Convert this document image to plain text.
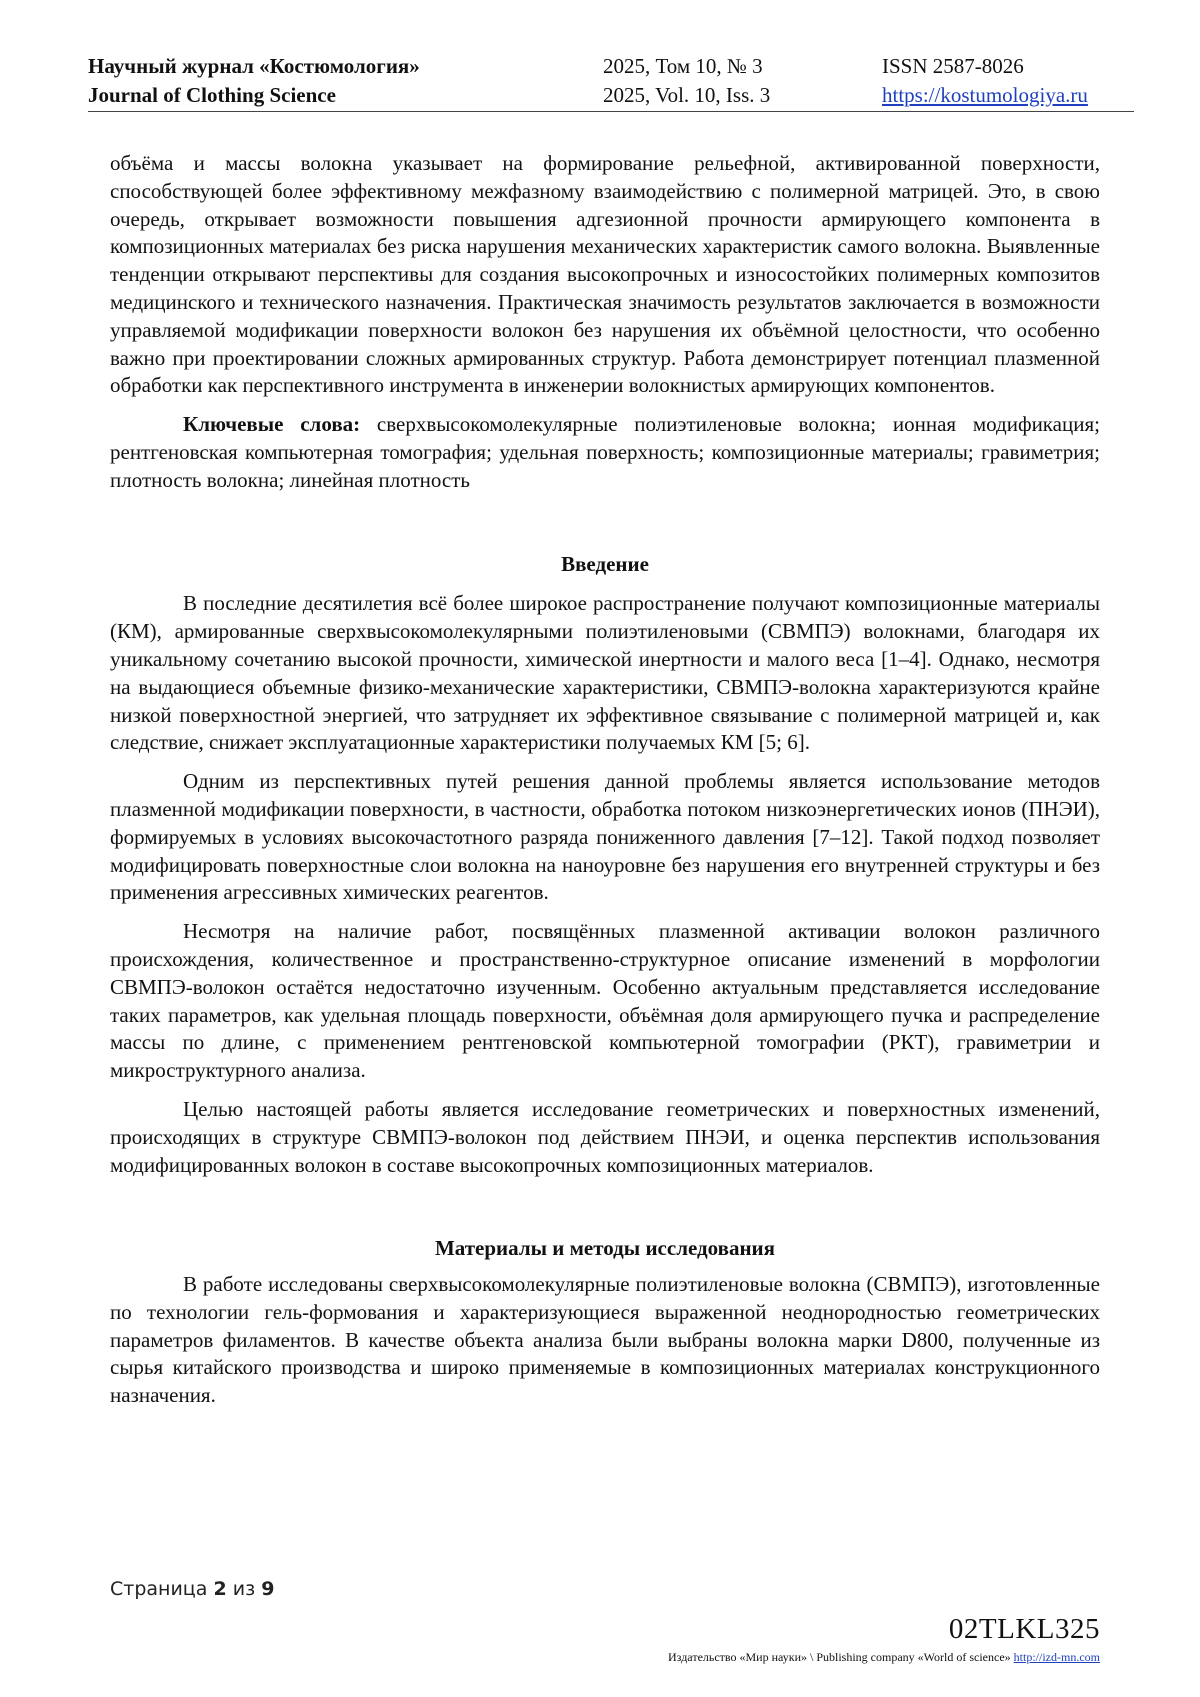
Научный журнал «Костюмология»
Journal of Clothing Science
2025, Том 10, № 3
2025, Vol. 10, Iss. 3
ISSN 2587-8026
https://kostumologiya.ru

объёма и массы волокна указывает на формирование рельефной, активированной поверхности, способствующей более эффективному межфазному взаимодействию с полимерной матрицей. Это, в свою очередь, открывает возможности повышения адгезионной прочности армирующего компонента в композиционных материалах без риска нарушения механических характеристик самого волокна. Выявленные тенденции открывают перспективы для создания высокопрочных и износостойких полимерных композитов медицинского и технического назначения. Практическая значимость результатов заключается в возможности управляемой модификации поверхности волокон без нарушения их объёмной целостности, что особенно важно при проектировании сложных армированных структур. Работа демонстрирует потенциал плазменной обработки как перспективного инструмента в инженерии волокнистых армирующих компонентов.

Ключевые слова: сверхвысокомолекулярные полиэтиленовые волокна; ионная модификация; рентгеновская компьютерная томография; удельная поверхность; композиционные материалы; гравиметрия; плотность волокна; линейная плотность

Введение

В последние десятилетия всё более широкое распространение получают композиционные материалы (КМ), армированные сверхвысокомолекулярными полиэтиленовыми (СВМПЭ) волокнами, благодаря их уникальному сочетанию высокой прочности, химической инертности и малого веса [1–4]. Однако, несмотря на выдающиеся объемные физико-механические характеристики, СВМПЭ-волокна характеризуются крайне низкой поверхностной энергией, что затрудняет их эффективное связывание с полимерной матрицей и, как следствие, снижает эксплуатационные характеристики получаемых КМ [5; 6].

Одним из перспективных путей решения данной проблемы является использование методов плазменной модификации поверхности, в частности, обработка потоком низкоэнергетических ионов (ПНЭИ), формируемых в условиях высокочастотного разряда пониженного давления [7–12]. Такой подход позволяет модифицировать поверхностные слои волокна на наноуровне без нарушения его внутренней структуры и без применения агрессивных химических реагентов.

Несмотря на наличие работ, посвящённых плазменной активации волокон различного происхождения, количественное и пространственно-структурное описание изменений в морфологии СВМПЭ-волокон остаётся недостаточно изученным. Особенно актуальным представляется исследование таких параметров, как удельная площадь поверхности, объёмная доля армирующего пучка и распределение массы по длине, с применением рентгеновской компьютерной томографии (РКТ), гравиметрии и микроструктурного анализа.

Целью настоящей работы является исследование геометрических и поверхностных изменений, происходящих в структуре СВМПЭ-волокон под действием ПНЭИ, и оценка перспектив использования модифицированных волокон в составе высокопрочных композиционных материалов.

Материалы и методы исследования

В работе исследованы сверхвысокомолекулярные полиэтиленовые волокна (СВМПЭ), изготовленные по технологии гель-формования и характеризующиеся выраженной неоднородностью геометрических параметров филаментов. В качестве объекта анализа были выбраны волокна марки D800, полученные из сырья китайского производства и широко применяемые в композиционных материалах конструкционного назначения.

Страница 2 из 9
02TLKL325
Издательство «Мир науки» \ Publishing company «World of science» http://izd-mn.com
